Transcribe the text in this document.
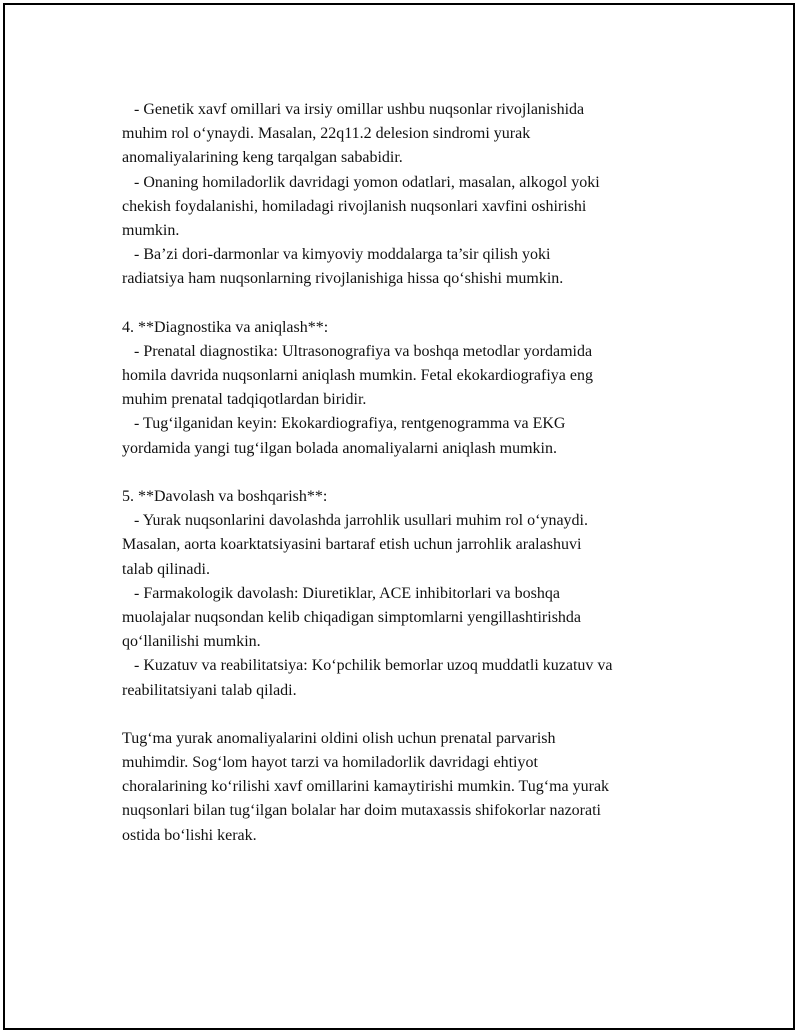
- Genetik xavf omillari va irsiy omillar ushbu nuqsonlar rivojlanishida
muhim rol o‘ynaydi. Masalan, 22q11.2 delesion sindromi yurak
anomaliyalarining keng tarqalgan sababidir.
- Onaning homiladorlik davridagi yomon odatlari, masalan, alkogol yoki
chekish foydalanishi, homiladagi rivojlanish nuqsonlari xavfini oshirishi
mumkin.
- Ba’zi dori-darmonlar va kimyoviy moddalarga ta’sir qilish yoki
radiatsiya ham nuqsonlarning rivojlanishiga hissa qo‘shishi mumkin.
4. **Diagnostika va aniqlash**:
- Prenatal diagnostika: Ultrasonografiya va boshqa metodlar yordamida
homila davrida nuqsonlarni aniqlash mumkin. Fetal ekokardiografiya eng
muhim prenatal tadqiqotlardan biridir.
- Tug‘ilganidan keyin: Ekokardiografiya, rentgenogramma va EKG
yordamida yangi tug‘ilgan bolada anomaliyalarni aniqlash mumkin.
5. **Davolash va boshqarish**:
- Yurak nuqsonlarini davolashda jarrohlik usullari muhim rol o‘ynaydi.
Masalan, aorta koarktatsiyasini bartaraf etish uchun jarrohlik aralashuvi
talab qilinadi.
- Farmakologik davolash: Diuretiklar, ACE inhibitorlari va boshqa
muolajalar nuqsondan kelib chiqadigan simptomlarni yengillashtirishda
qo‘llanilishi mumkin.
- Kuzatuv va reabilitatsiya: Ko‘pchilik bemorlar uzoq muddatli kuzatuv va
reabilitatsiyani talab qiladi.
Tug‘ma yurak anomaliyalarini oldini olish uchun prenatal parvarish
muhimdir. Sog‘lom hayot tarzi va homiladorlik davridagi ehtiyot
choralarining ko‘rilishi xavf omillarini kamaytirishi mumkin. Tug‘ma yurak
nuqsonlari bilan tug‘ilgan bolalar har doim mutaxassis shifokorlar nazorati
ostida bo‘lishi kerak.
